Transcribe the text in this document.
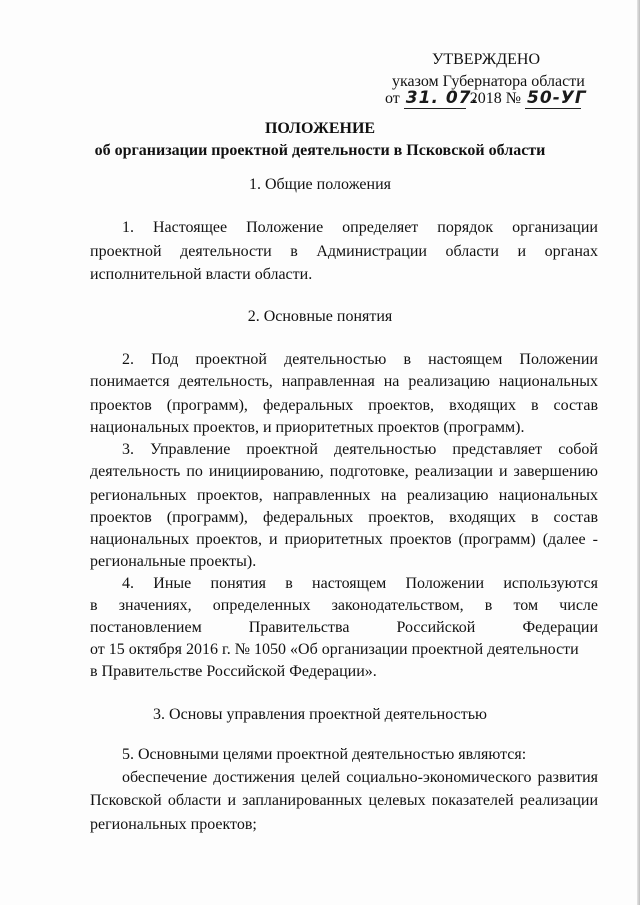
УТВЕРЖДЕНО
указом Губернатора области
от 31. 07. 2018 № 50-УГ
ПОЛОЖЕНИЕ
об организации проектной деятельности в Псковской области
1. Общие положения
1. Настоящее Положение определяет порядок организации
проектной деятельности в Администрации области и органах
исполнительной власти области.
2. Основные понятия
2. Под проектной деятельностью в настоящем Положении
понимается деятельность, направленная на реализацию национальных
проектов (программ), федеральных проектов, входящих в состав
национальных проектов, и приоритетных проектов (программ).
3. Управление проектной деятельностью представляет собой
деятельность по инициированию, подготовке, реализации и завершению
региональных проектов, направленных на реализацию национальных
проектов (программ), федеральных проектов, входящих в состав
национальных проектов, и приоритетных проектов (программ) (далее -
региональные проекты).
4. Иные понятия в настоящем Положении используются
в значениях, определенных законодательством, в том числе
постановлением Правительства Российской Федерации
от 15 октября 2016 г. № 1050 «Об организации проектной деятельности
в Правительстве Российской Федерации».
3. Основы управления проектной деятельностью
5. Основными целями проектной деятельностью являются:
обеспечение достижения целей социально-экономического развития
Псковской области и запланированных целевых показателей реализации
региональных проектов;
